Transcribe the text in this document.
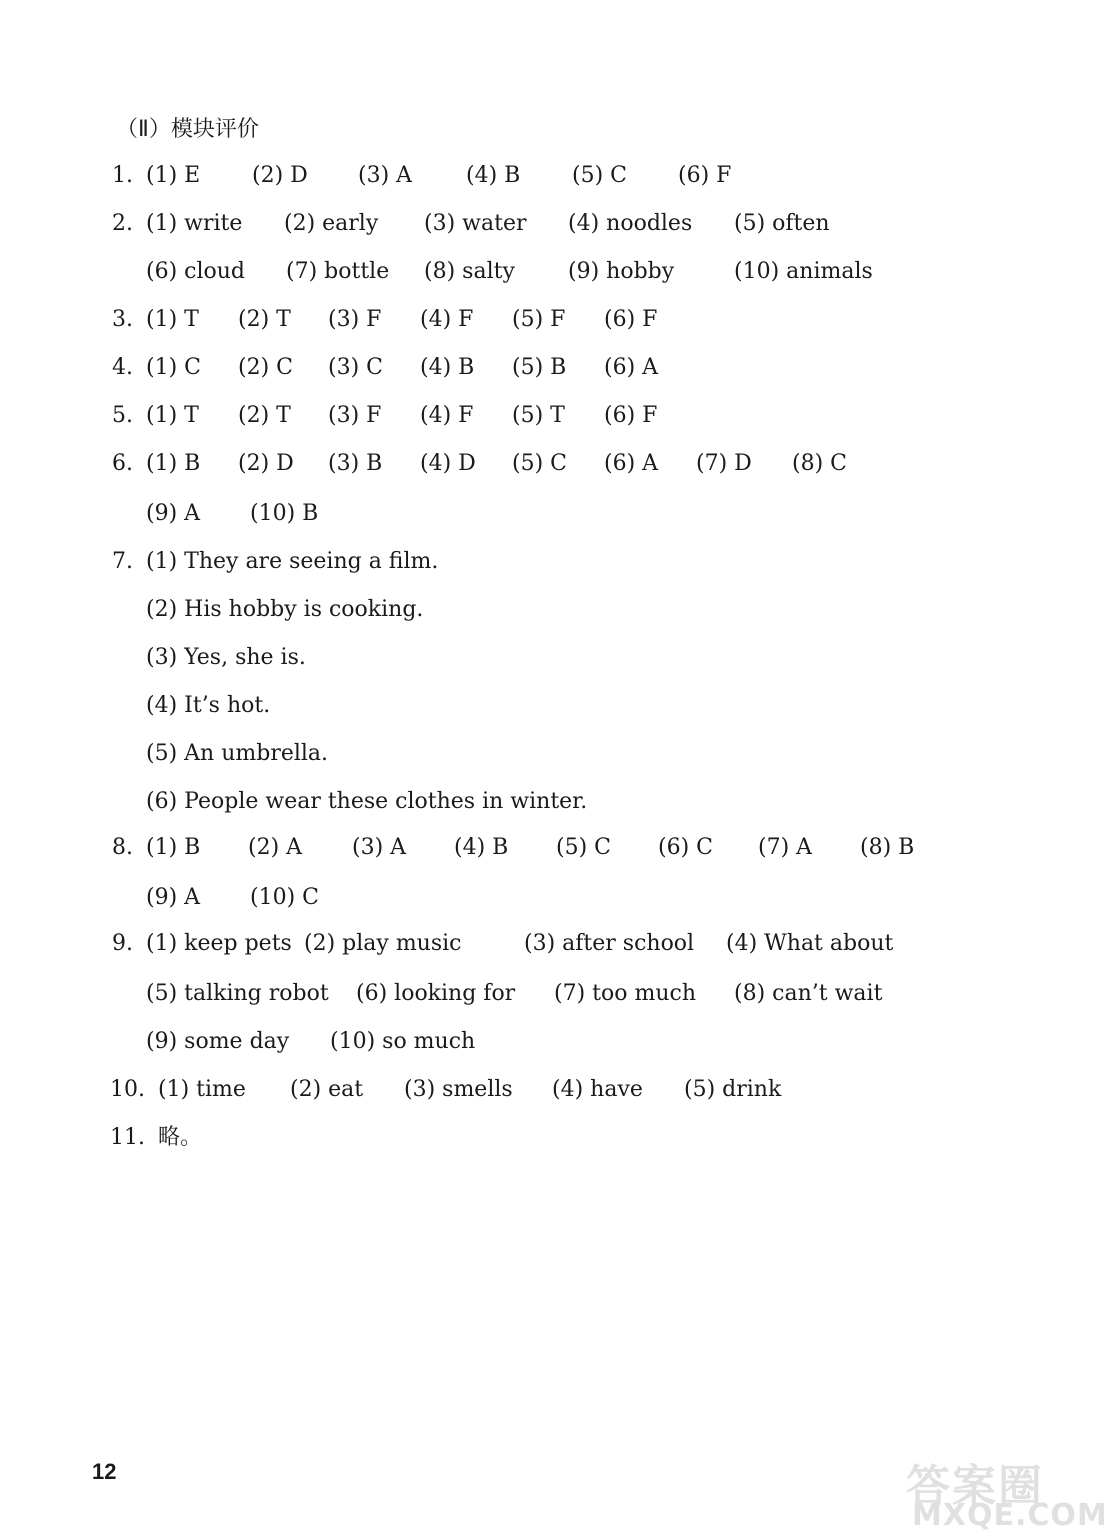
（Ⅱ）模块评价
1. (1) E (2) D (3) A (4) B (5) C (6) F
2. (1) write (2) early (3) water (4) noodles (5) often
(6) cloud (7) bottle (8) salty (9) hobby	(10) animals
3. (1) T (2) T (3) F (4) F (5) F (6) F
4. (1) C (2) C (3) C (4) B (5) B (6) A
5. (1) T (2) T (3) F (4) F (5) T (6) F
6. (1) B (2) D (3) B (4) D (5) C (6) A (7) D (8) C
(9) A (10) B
7. (1) They are seeing a film.
(2) His hobby is cooking.
(3) Yes, she is.
(4) It’s hot.
(5) An umbrella.
(6) People wear these clothes in winter.
8. (1) B (2) A (3) A (4) B (5) C (6) C (7) A (8) B
(9) A (10) C
9. (1) keep pets (2) play music	(3) after school (4) What about
(5) talking robot (6) looking for (7) too much (8) can’t wait
(9) some day (10) so much
10. (1) time (2) eat (3) smells (4) have (5) drink
11. 略。
12	答案圈
MXQE.COM
